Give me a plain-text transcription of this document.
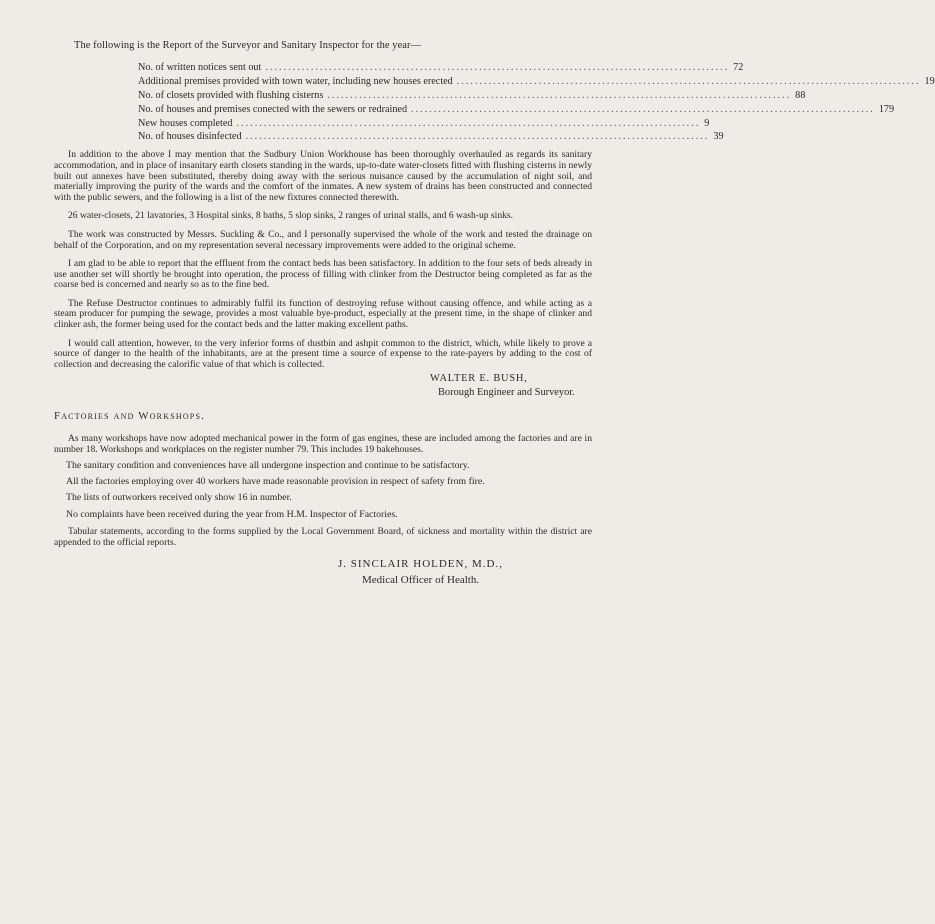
The following is the Report of the Surveyor and Sanitary Inspector for the year—
No. of written notices sent out ...................................................................................................... 72
Additional premises provided with town water, including new houses erected ...................................................................................................... 19
No. of closets provided with flushing cisterns ...................................................................................................... 88
No. of houses and premises conected with the sewers or redrained ...................................................................................................... 179
New houses completed ...................................................................................................... 9
No. of houses disinfected ...................................................................................................... 39

In addition to the above I may mention that the Sudbury Union Workhouse has been thoroughly overhauled as regards its sanitary accommodation, and in place of insanitary earth closets standing in the wards, up-to-date water-closets fitted with flushing cisterns in newly built out annexes have been substituted, thereby doing away with the serious nuisance caused by the accumulation of night soil, and materially improving the purity of the wards and the comfort of the inmates. A new system of drains has been constructed and connected with the public sewers, and the following is a list of the new fixtures connected therewith.

26 water-closets, 21 lavatories, 3 Hospital sinks, 8 baths, 5 slop sinks, 2 ranges of urinal stalls, and 6 wash-up sinks.

The work was constructed by Messrs. Suckling & Co., and I personally supervised the whole of the work and tested the drainage on behalf of the Corporation, and on my representation several necessary improvements were added to the original scheme.

I am glad to be able to report that the effluent from the contact beds has been satisfactory. In addition to the four sets of beds already in use another set will shortly be brought into operation, the process of filling with clinker from the Destructor being completed as far as the coarse bed is concerned and nearly so as to the fine bed.

The Refuse Destructor continues to admirably fulfil its function of destroying refuse without causing offence, and while acting as a steam producer for pumping the sewage, provides a most valuable bye-product, especially at the present time, in the shape of clinker and clinker ash, the former being used for the contact beds and the latter making excellent paths.

I would call attention, however, to the very inferior forms of dustbin and ashpit common to the district, which, while likely to prove a source of danger to the health of the inhabitants, are at the present time a source of expense to the rate-payers by adding to the cost of collection and decreasing the calorific value of that which is collected.

WALTER E. BUSH,
Borough Engineer and Surveyor.
Factories and Workshops.

As many workshops have now adopted mechanical power in the form of gas engines, these are included among the factories and are in number 18. Workshops and workplaces on the register number 79. This includes 19 bakehouses.

The sanitary condition and conveniences have all undergone inspection and continue to be satisfactory.
All the factories employing over 40 workers have made reasonable provision in respect of safety from fire.
The lists of outworkers received only show 16 in number.
No complaints have been received during the year from H.M. Inspector of Factories.

Tabular statements, according to the forms supplied by the Local Government Board, of sickness and mortality within the district are appended to the official reports.

J. SINCLAIR HOLDEN, M.D.,
Medical Officer of Health.
